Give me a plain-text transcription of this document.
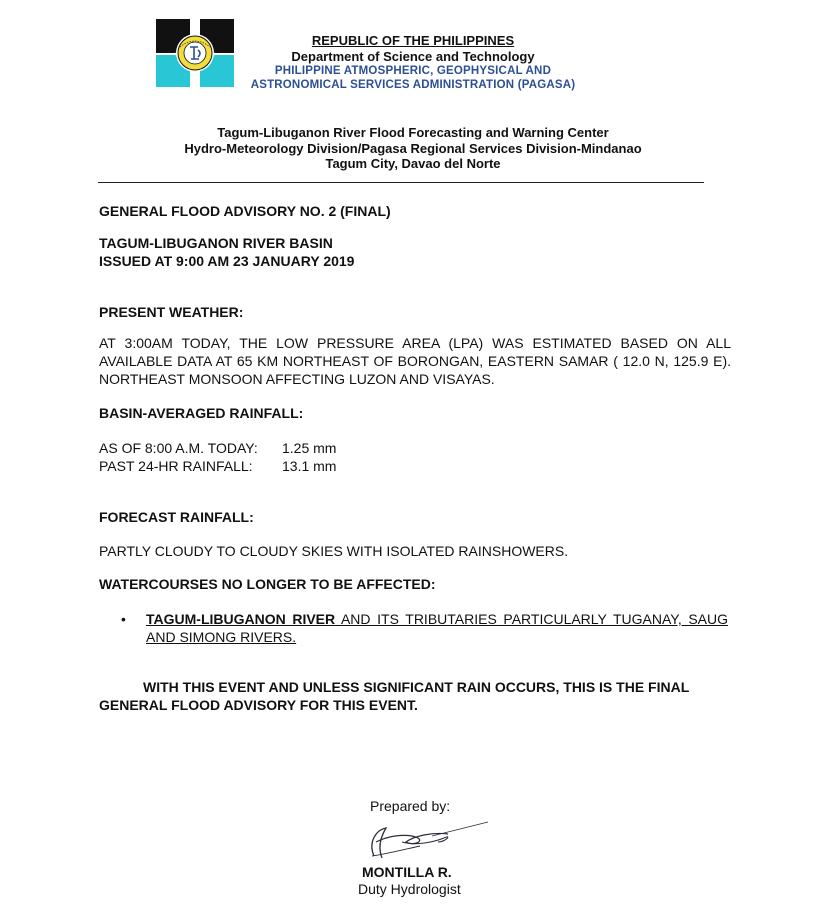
REPUBLIC OF THE PHILIPPINES
Department of Science and Technology
PHILIPPINE ATMOSPHERIC, GEOPHYSICAL AND
ASTRONOMICAL SERVICES ADMINISTRATION (PAGASA)
Tagum-Libuganon River Flood Forecasting and Warning Center
Hydro-Meteorology Division/Pagasa Regional Services Division-Mindanao
Tagum City, Davao del Norte
GENERAL FLOOD ADVISORY NO. 2 (FINAL)
TAGUM-LIBUGANON RIVER BASIN
ISSUED AT 9:00 AM 23 JANUARY 2019
PRESENT WEATHER:
AT 3:00AM TODAY, THE LOW PRESSURE AREA (LPA) WAS ESTIMATED BASED ON ALL AVAILABLE DATA AT 65 KM NORTHEAST OF BORONGAN, EASTERN SAMAR ( 12.0 N, 125.9 E). NORTHEAST MONSOON AFFECTING LUZON AND VISAYAS.
BASIN-AVERAGED RAINFALL:
AS OF 8:00 A.M. TODAY: 1.25 mm
PAST 24-HR RAINFALL: 13.1 mm
FORECAST RAINFALL:
PARTLY CLOUDY TO CLOUDY SKIES WITH ISOLATED RAINSHOWERS.
WATERCOURSES NO LONGER TO BE AFFECTED:
• TAGUM-LIBUGANON RIVER AND ITS TRIBUTARIES PARTICULARLY TUGANAY, SAUG AND SIMONG RIVERS.
WITH THIS EVENT AND UNLESS SIGNIFICANT RAIN OCCURS, THIS IS THE FINAL
GENERAL FLOOD ADVISORY FOR THIS EVENT.
Prepared by:
MONTILLA R.
Duty Hydrologist
